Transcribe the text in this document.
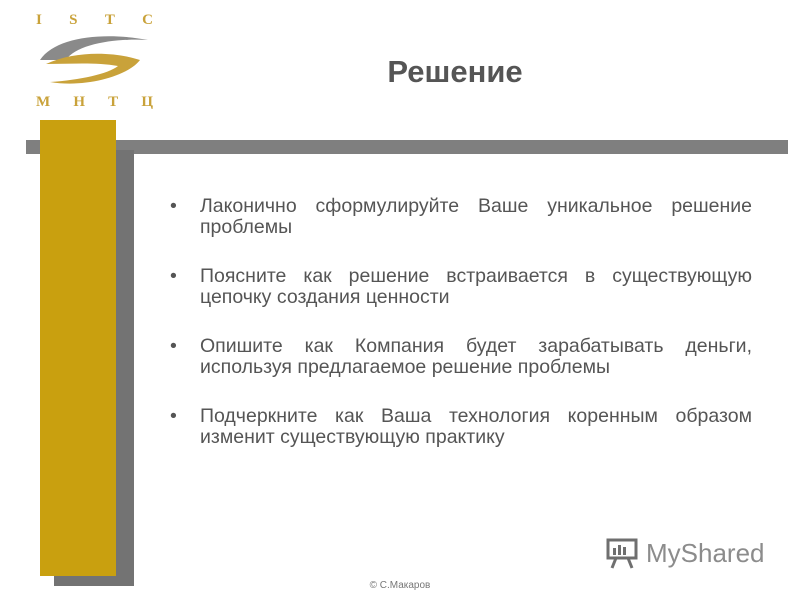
I S T C
М Н Т Ц
Решение
• Лаконично сформулируйте Ваше уникальное решение проблемы
• Поясните как решение встраивается в существующую цепочку создания ценности
• Опишите как Компания будет зарабатывать деньги, используя предлагаемое решение проблемы
• Подчеркните как Ваша технология коренным образом изменит существующую практику
MyShared
© С.Макаров
